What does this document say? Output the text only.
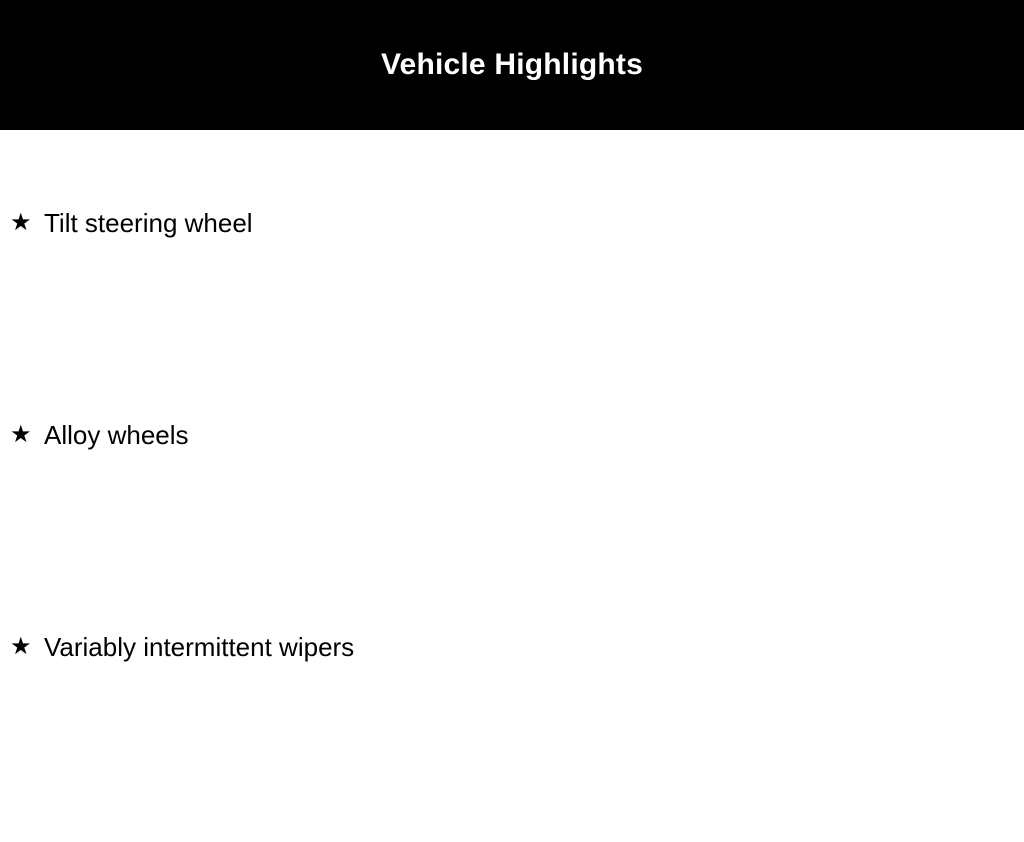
Vehicle Highlights
★ Tilt steering wheel
★ Alloy wheels
★ Variably intermittent wipers
